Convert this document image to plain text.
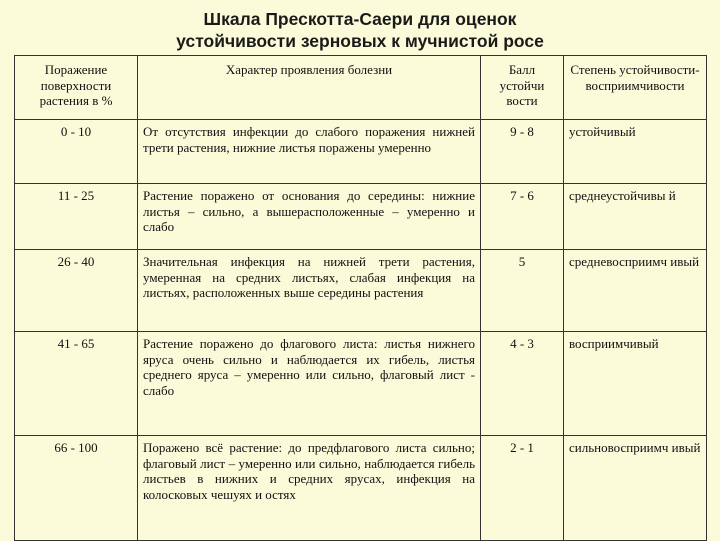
Шкала Прескотта-Саери для оценок
устойчивости зерновых к мучнистой росе
Поражение поверхности растения в %	Характер проявления болезни	Балл устойчи вости	Степень устойчивости- восприимчивости
0 - 10	От отсутствия инфекции до слабого поражения нижней трети растения, нижние листья поражены умеренно	9 - 8	устойчивый
11 - 25	Растение поражено от основания до середины: нижние листья – сильно, а вышерасположенные – умеренно и слабо	7 - 6	среднеустойчивы й
26 - 40	Значительная инфекция на нижней трети растения, умеренная на средних листьях, слабая инфекция на листьях, расположенных выше середины растения	5	средневосприимч ивый
41 - 65	Растение поражено до флагового листа: листья нижнего яруса очень сильно и наблюдается их гибель, листья среднего яруса – умеренно или сильно, флаговый лист - слабо	4 - 3	восприимчивый
66 - 100	Поражено всё растение: до предфлагового листа сильно; флаговый лист – умеренно или сильно, наблюдается гибель листьев в нижних и средних ярусах, инфекция на колосковых чешуях и остях	2 - 1	сильновосприимч ивый
